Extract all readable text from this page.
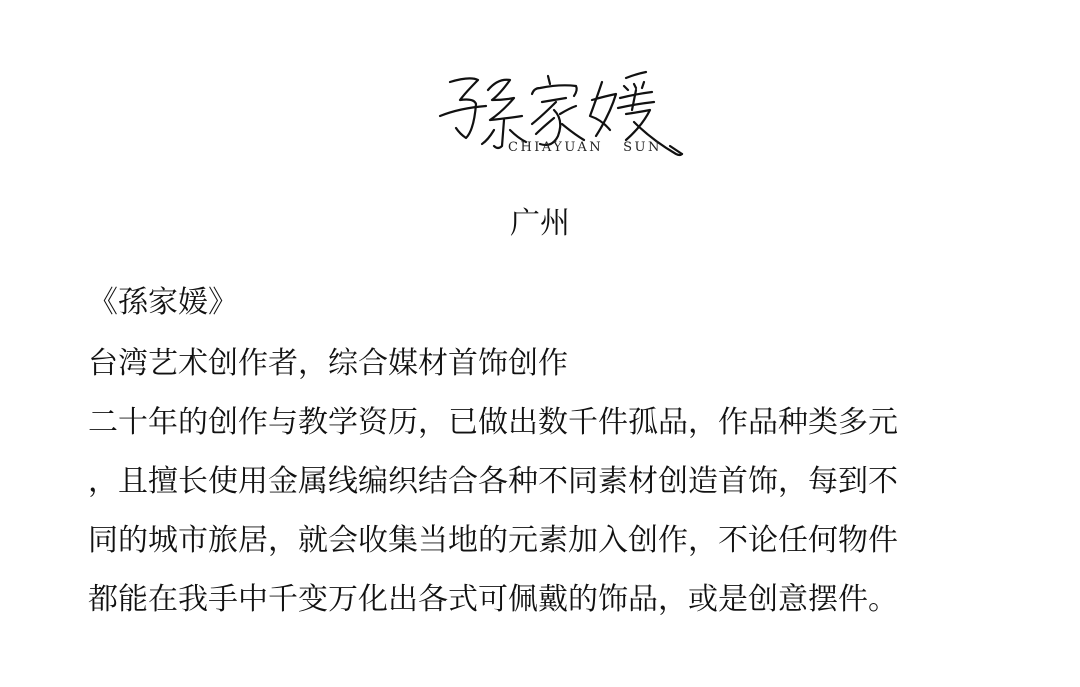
CHIAYUAN   SUN
广州
《孫家媛》
台湾艺术创作者，综合媒材首饰创作
二十年的创作与教学资历，已做出数千件孤品，作品种类多元
，且擅长使用金属线编织结合各种不同素材创造首饰，每到不
同的城市旅居，就会收集当地的元素加入创作，不论任何物件
都能在我手中千变万化出各式可佩戴的饰品，或是创意摆件。
